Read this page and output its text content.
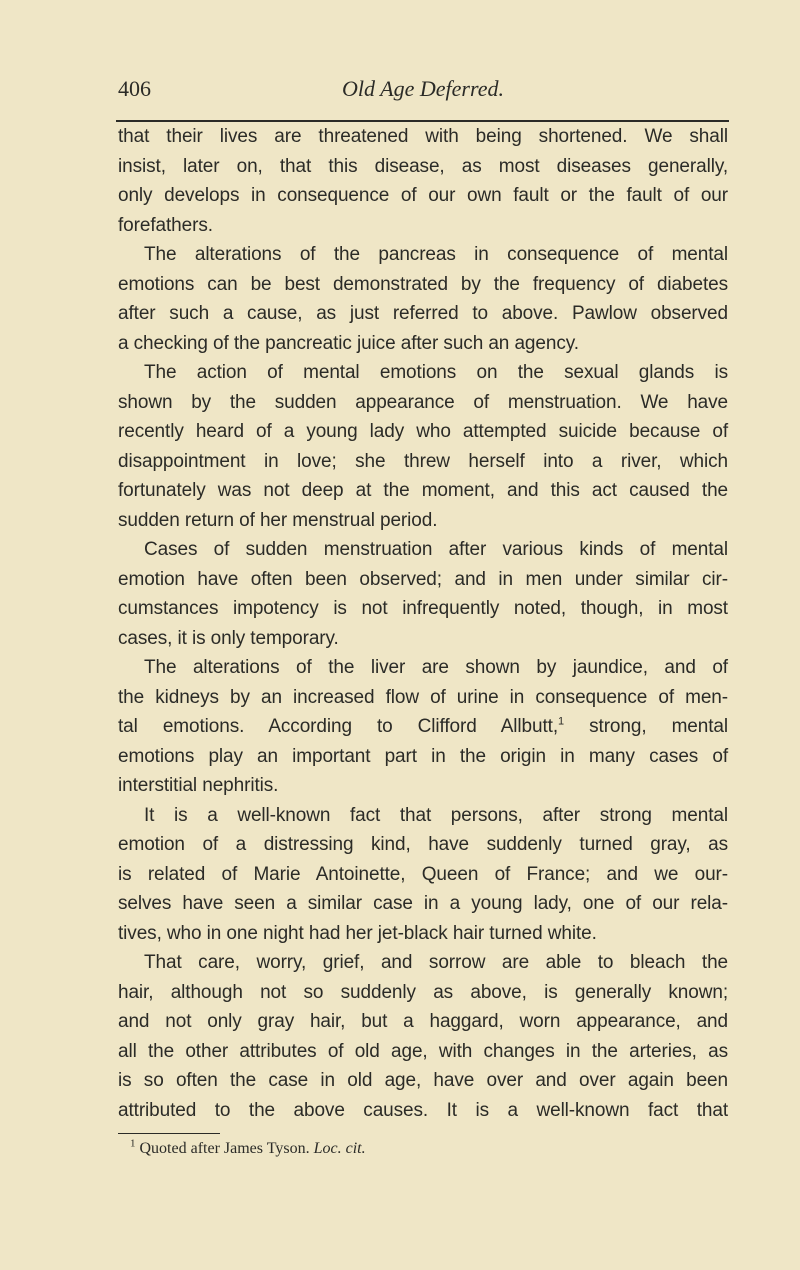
406	Old Age Deferred.
that their lives are threatened with being shortened. We shall
insist, later on, that this disease, as most diseases generally,
only develops in consequence of our own fault or the fault of our
forefathers.
The alterations of the pancreas in consequence of mental
emotions can be best demonstrated by the frequency of diabetes
after such a cause, as just referred to above. Pawlow observed
a checking of the pancreatic juice after such an agency.
The action of mental emotions on the sexual glands is
shown by the sudden appearance of menstruation. We have
recently heard of a young lady who attempted suicide because of
disappointment in love; she threw herself into a river, which
fortunately was not deep at the moment, and this act caused the
sudden return of her menstrual period.
Cases of sudden menstruation after various kinds of mental
emotion have often been observed; and in men under similar cir-
cumstances impotency is not infrequently noted, though, in most
cases, it is only temporary.
The alterations of the liver are shown by jaundice, and of
the kidneys by an increased flow of urine in consequence of men-
tal emotions. According to Clifford Allbutt,$^1$ strong, mental
emotions play an important part in the origin in many cases of
interstitial nephritis.
It is a well-known fact that persons, after strong mental
emotion of a distressing kind, have suddenly turned gray, as
is related of Marie Antoinette, Queen of France; and we our-
selves have seen a similar case in a young lady, one of our rela-
tives, who in one night had her jet-black hair turned white.
That care, worry, grief, and sorrow are able to bleach the
hair, although not so suddenly as above, is generally known;
and not only gray hair, but a haggard, worn appearance, and
all the other attributes of old age, with changes in the arteries, as
is so often the case in old age, have over and over again been
attributed to the above causes. It is a well-known fact that
$^1$ Quoted after James Tyson. Loc. cit.
